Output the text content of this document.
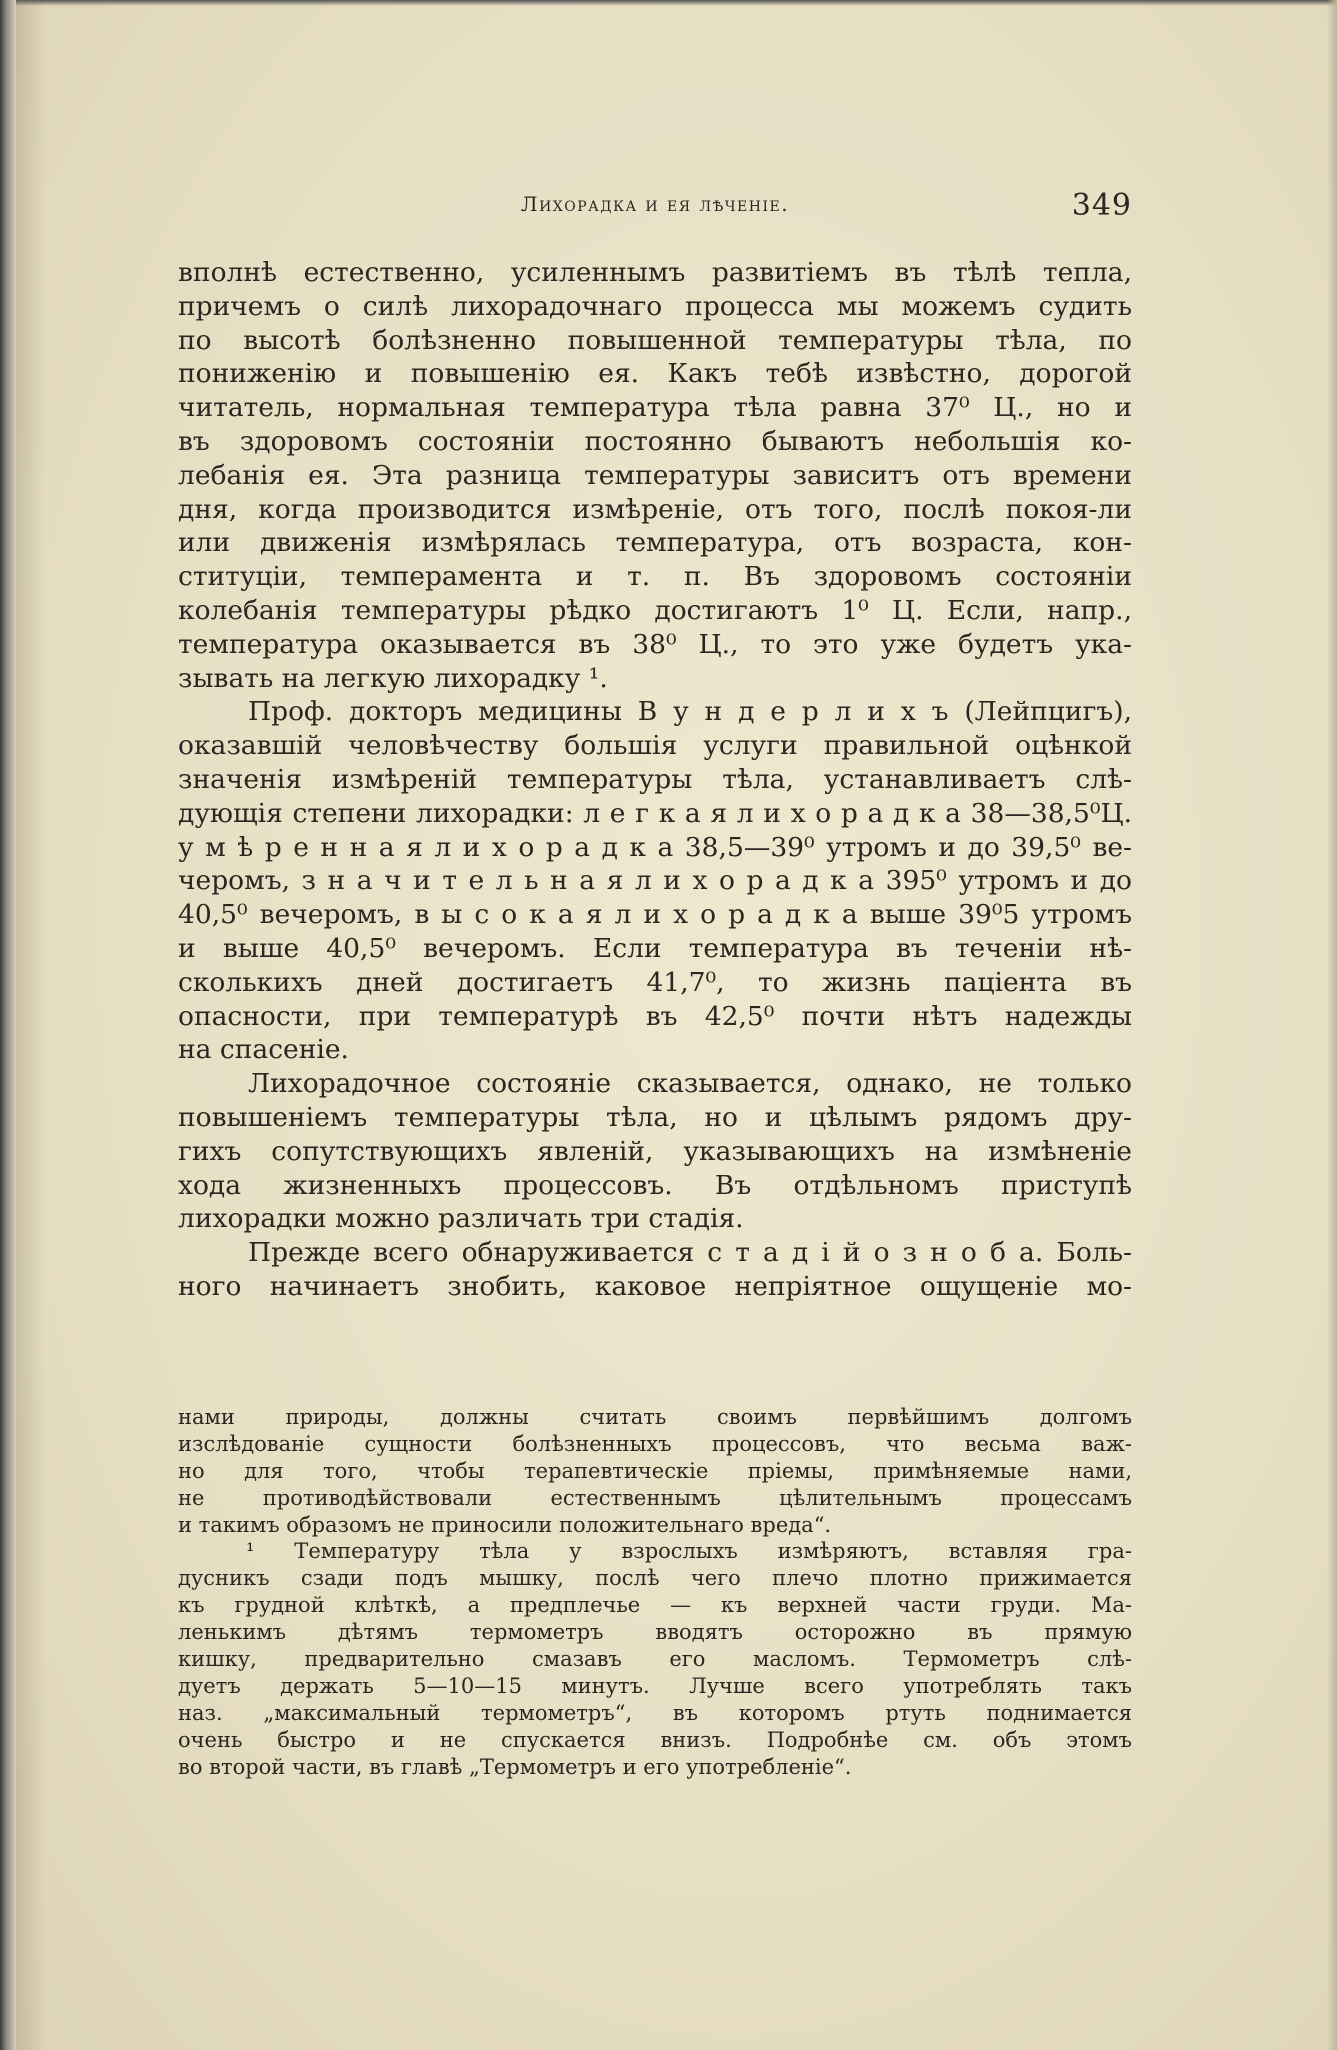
Лихорадка и ея лѣченіе.	349
вполнѣ естественно, усиленнымъ развитіемъ въ тѣлѣ тепла,
причемъ о силѣ лихорадочнаго процесса мы можемъ судить
по высотѣ болѣзненно повышенной температуры тѣла, по
пониженію и повышенію ея. Какъ тебѣ извѣстно, дорогой
читатель, нормальная температура тѣла равна 37⁰ Ц., но и
въ здоровомъ состояніи постоянно бываютъ небольшія ко-
лебанія ея. Эта разница температуры зависитъ отъ времени
дня, когда производится измѣреніе, отъ того, послѣ покоя-ли
или движенія измѣрялась температура, отъ возраста, кон-
ституціи, темперамента и т. п. Въ здоровомъ состояніи
колебанія температуры рѣдко достигаютъ 1⁰ Ц. Если, напр.,
температура оказывается въ 38⁰ Ц., то это уже будетъ ука-
зывать на легкую лихорадку ¹.
Проф. докторъ медицины В у н д е р л и х ъ (Лейпцигъ),
оказавшій человѣчеству большія услуги правильной оцѣнкой
значенія измѣреній температуры тѣла, устанавливаетъ слѣ-
дующія степени лихорадки: л е г к а я л и х о р а д к а 38—38,5⁰Ц.
у м ѣ р е н н а я л и х о р а д к а 38,5—39⁰ утромъ и до 39,5⁰ ве-
черомъ, з н а ч и т е л ь н а я л и х о р а д к а 395⁰ утромъ и до
40,5⁰ вечеромъ, в ы с о к а я л и х о р а д к а выше 39⁰5 утромъ
и выше 40,5⁰ вечеромъ. Если температура въ теченіи нѣ-
сколькихъ дней достигаетъ 41,7⁰, то жизнь паціента въ
опасности, при температурѣ въ 42,5⁰ почти нѣтъ надежды
на спасеніе.
Лихорадочное состояніе сказывается, однако, не только
повышеніемъ температуры тѣла, но и цѣлымъ рядомъ дру-
гихъ сопутствующихъ явленій, указывающихъ на измѣненіе
хода жизненныхъ процессовъ. Въ отдѣльномъ приступѣ
лихорадки можно различать три стадія.
Прежде всего обнаруживается с т а д і й о з н о б а. Боль-
ного начинаетъ знобить, каковое непріятное ощущеніе мо-
нами природы, должны считать своимъ первѣйшимъ долгомъ
изслѣдованіе сущности болѣзненныхъ процессовъ, что весьма важ-
но для того, чтобы терапевтическіе пріемы, примѣняемые нами,
не противодѣйствовали естественнымъ цѣлительнымъ процессамъ
и такимъ образомъ не приносили положительнаго вреда“.
¹ Температуру тѣла у взрослыхъ измѣряютъ, вставляя гра-
дусникъ сзади подъ мышку, послѣ чего плечо плотно прижимается
къ грудной клѣткѣ, а предплечье — къ верхней части груди. Ма-
ленькимъ дѣтямъ термометръ вводятъ осторожно въ прямую
кишку, предварительно смазавъ его масломъ. Термометръ слѣ-
дуетъ держать 5—10—15 минутъ. Лучше всего употреблять такъ
наз. „максимальный термометръ“, въ которомъ ртуть поднимается
очень быстро и не спускается внизъ. Подробнѣе см. объ этомъ
во второй части, въ главѣ „Термометръ и его употребленіе“.
